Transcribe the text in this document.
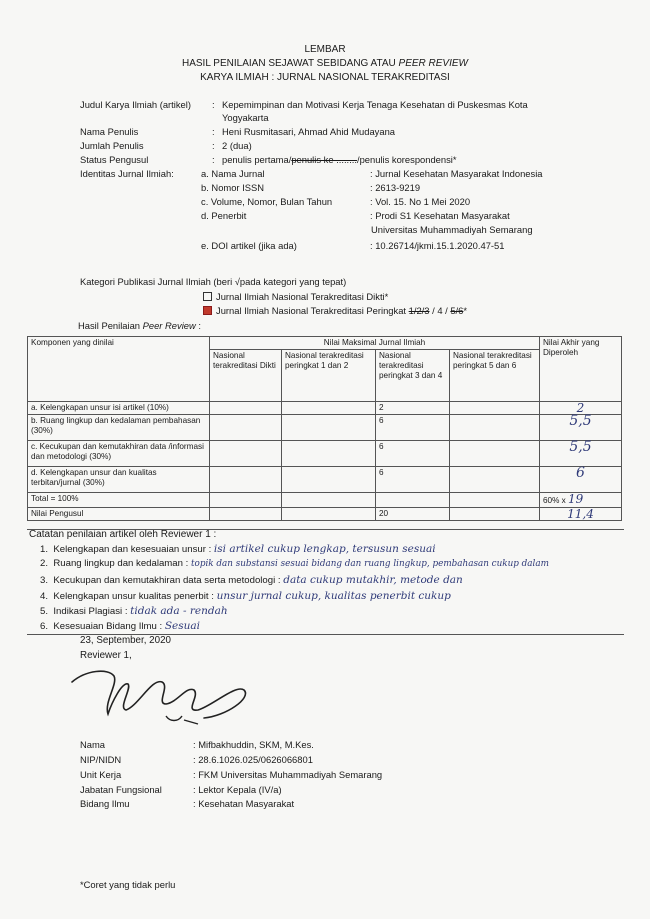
LEMBAR
HASIL PENILAIAN SEJAWAT SEBIDANG ATAU PEER REVIEW
KARYA ILMIAH : JURNAL NASIONAL TERAKREDITASI
Judul Karya Ilmiah (artikel) : Kepemimpinan dan Motivasi Kerja Tenaga Kesehatan di Puskesmas Kota
Yogyakarta
Nama Penulis	: Heni Rusmitasari, Ahmad Ahid Mudayana
Jumlah Penulis	: 2 (dua)
Status Pengusul	: penulis pertama/penulis ke ......../penulis korespondensi*
Identitas Jurnal Ilmiah:	a. Nama Jurnal	: Jurnal Kesehatan Masyarakat Indonesia
b. Nomor ISSN	: 2613-9219
c. Volume, Nomor, Bulan Tahun	: Vol. 15. No 1 Mei 2020
d. Penerbit	: Prodi S1 Kesehatan Masyarakat
Universitas Muhammadiyah Semarang
e. DOI artikel (jika ada)	: 10.26714/jkmi.15.1.2020.47-51
Kategori Publikasi Jurnal Ilmiah (beri √pada kategori yang tepat)
Jurnal Ilmiah Nasional Terakreditasi Dikti*
Jurnal Ilmiah Nasional Terakreditasi Peringkat 1/2/3 / 4 / 5/6*
Hasil Penilaian Peer Review :
Komponen yang dinilai	Nilai Maksimal Jurnal Ilmiah				Nilai Akhir yang Diperoleh
	Nasional terakreditasi Dikti	Nasional terakreditasi peringkat 1 dan 2	Nasional terakreditasi peringkat 3 dan 4	Nasional terakreditasi peringkat 5 dan 6	
a. Kelengkapan unsur isi artikel (10%)			2		2
b. Ruang lingkup dan kedalaman pembahasan (30%)			6		5,5
c. Kecukupan dan kemutakhiran data /informasi dan metodologi (30%)			6		5,5
d. Kelengkapan unsur dan kualitas terbitan/jurnal (30%)			6		6
Total = 100%					60% x 19
Nilai Pengusul			20		11,4
Catatan penilaian artikel oleh Reviewer 1 :
1. Kelengkapan dan kesesuaian unsur : isi artikel cukup lengkap, tersusun sesuai
2. Ruang lingkup dan kedalaman : topik dan substansi sesuai bidang dan ruang lingkup, pembahasan cukup dalam
3. Kecukupan dan kemutakhiran data serta metodologi : data cukup mutakhir, metode dan
4. Kelengkapan unsur kualitas penerbit : unsur jurnal cukup, kualitas penerbit cukup
5. Indikasi Plagiasi : tidak ada - rendah
6. Kesesuaian Bidang Ilmu : Sesuai
23, September, 2020
Reviewer 1,
Nama	: Mifbakhuddin, SKM, M.Kes.
NIP/NIDN	: 28.6.1026.025/0626066801
Unit Kerja	: FKM Universitas Muhammadiyah Semarang
Jabatan Fungsional	: Lektor Kepala (IV/a)
Bidang Ilmu	: Kesehatan Masyarakat
*Coret yang tidak perlu
